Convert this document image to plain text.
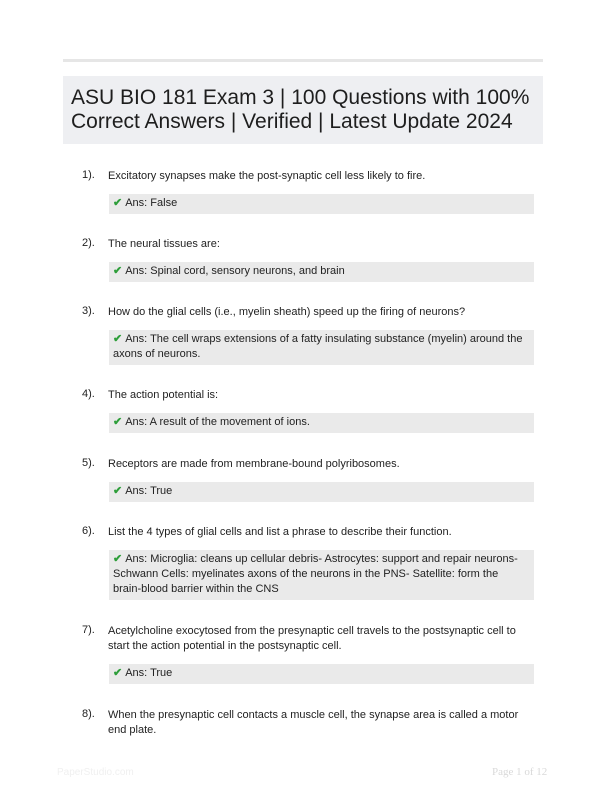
ASU BIO 181 Exam 3 | 100 Questions with 100% Correct Answers | Verified | Latest Update 2024
1). Excitatory synapses make the post-synaptic cell less likely to fire.
✔ Ans: False
2). The neural tissues are:
✔ Ans: Spinal cord, sensory neurons, and brain
3). How do the glial cells (i.e., myelin sheath) speed up the firing of neurons?
✔ Ans: The cell wraps extensions of a fatty insulating substance (myelin) around the axons of neurons.
4). The action potential is:
✔ Ans: A result of the movement of ions.
5). Receptors are made from membrane-bound polyribosomes.
✔ Ans: True
6). List the 4 types of glial cells and list a phrase to describe their function.
✔ Ans: Microglia: cleans up cellular debris- Astrocytes: support and repair neurons- Schwann Cells: myelinates axons of the neurons in the PNS- Satellite: form the brain-blood barrier within the CNS
7). Acetylcholine exocytosed from the presynaptic cell travels to the postsynaptic cell to start the action potential in the postsynaptic cell.
✔ Ans: True
8). When the presynaptic cell contacts a muscle cell, the synapse area is called a motor end plate.
PaperStudio.com	Page 1 of 12
